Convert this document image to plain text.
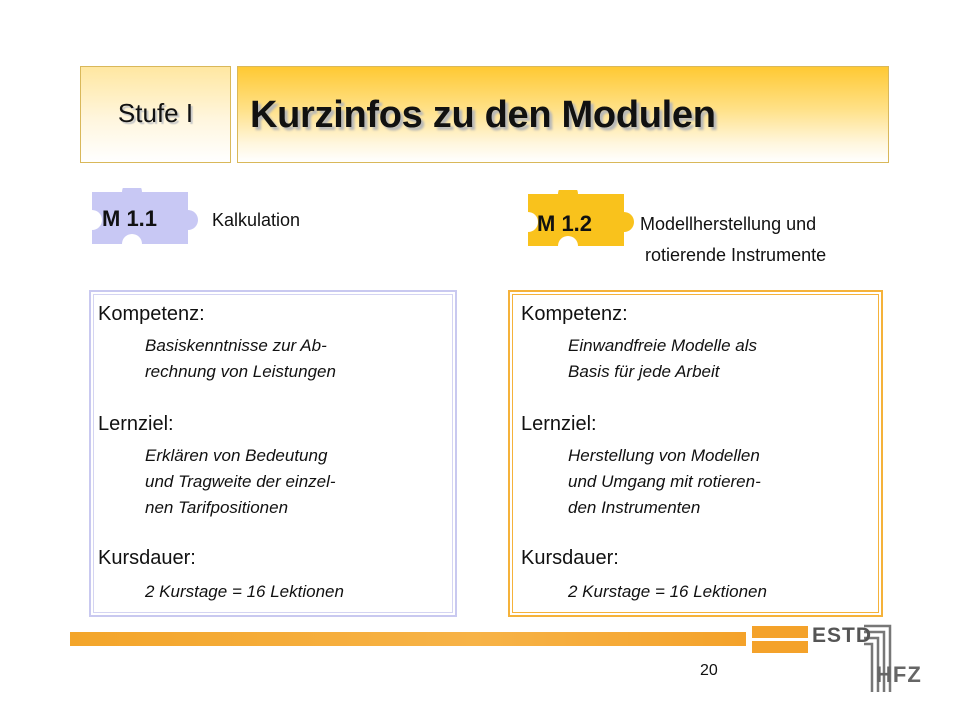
Stufe I	Kurzinfos zu den Modulen
M 1.1	Kalkulation	M 1.2	Modellherstellung und
rotierende Instrumente
Kompetenz:
Basiskenntnisse zur Ab-
rechnung von Leistungen
Lernziel:
Erklären von Bedeutung
und Tragweite der einzel-
nen Tarifpositionen
Kursdauer:
2 Kurstage = 16 Lektionen
Kompetenz:
Einwandfreie Modelle als
Basis für jede Arbeit
Lernziel:
Herstellung von Modellen
und Umgang mit rotieren-
den Instrumenten
Kursdauer:
2 Kurstage = 16 Lektionen
20
ESTD
HFZ
